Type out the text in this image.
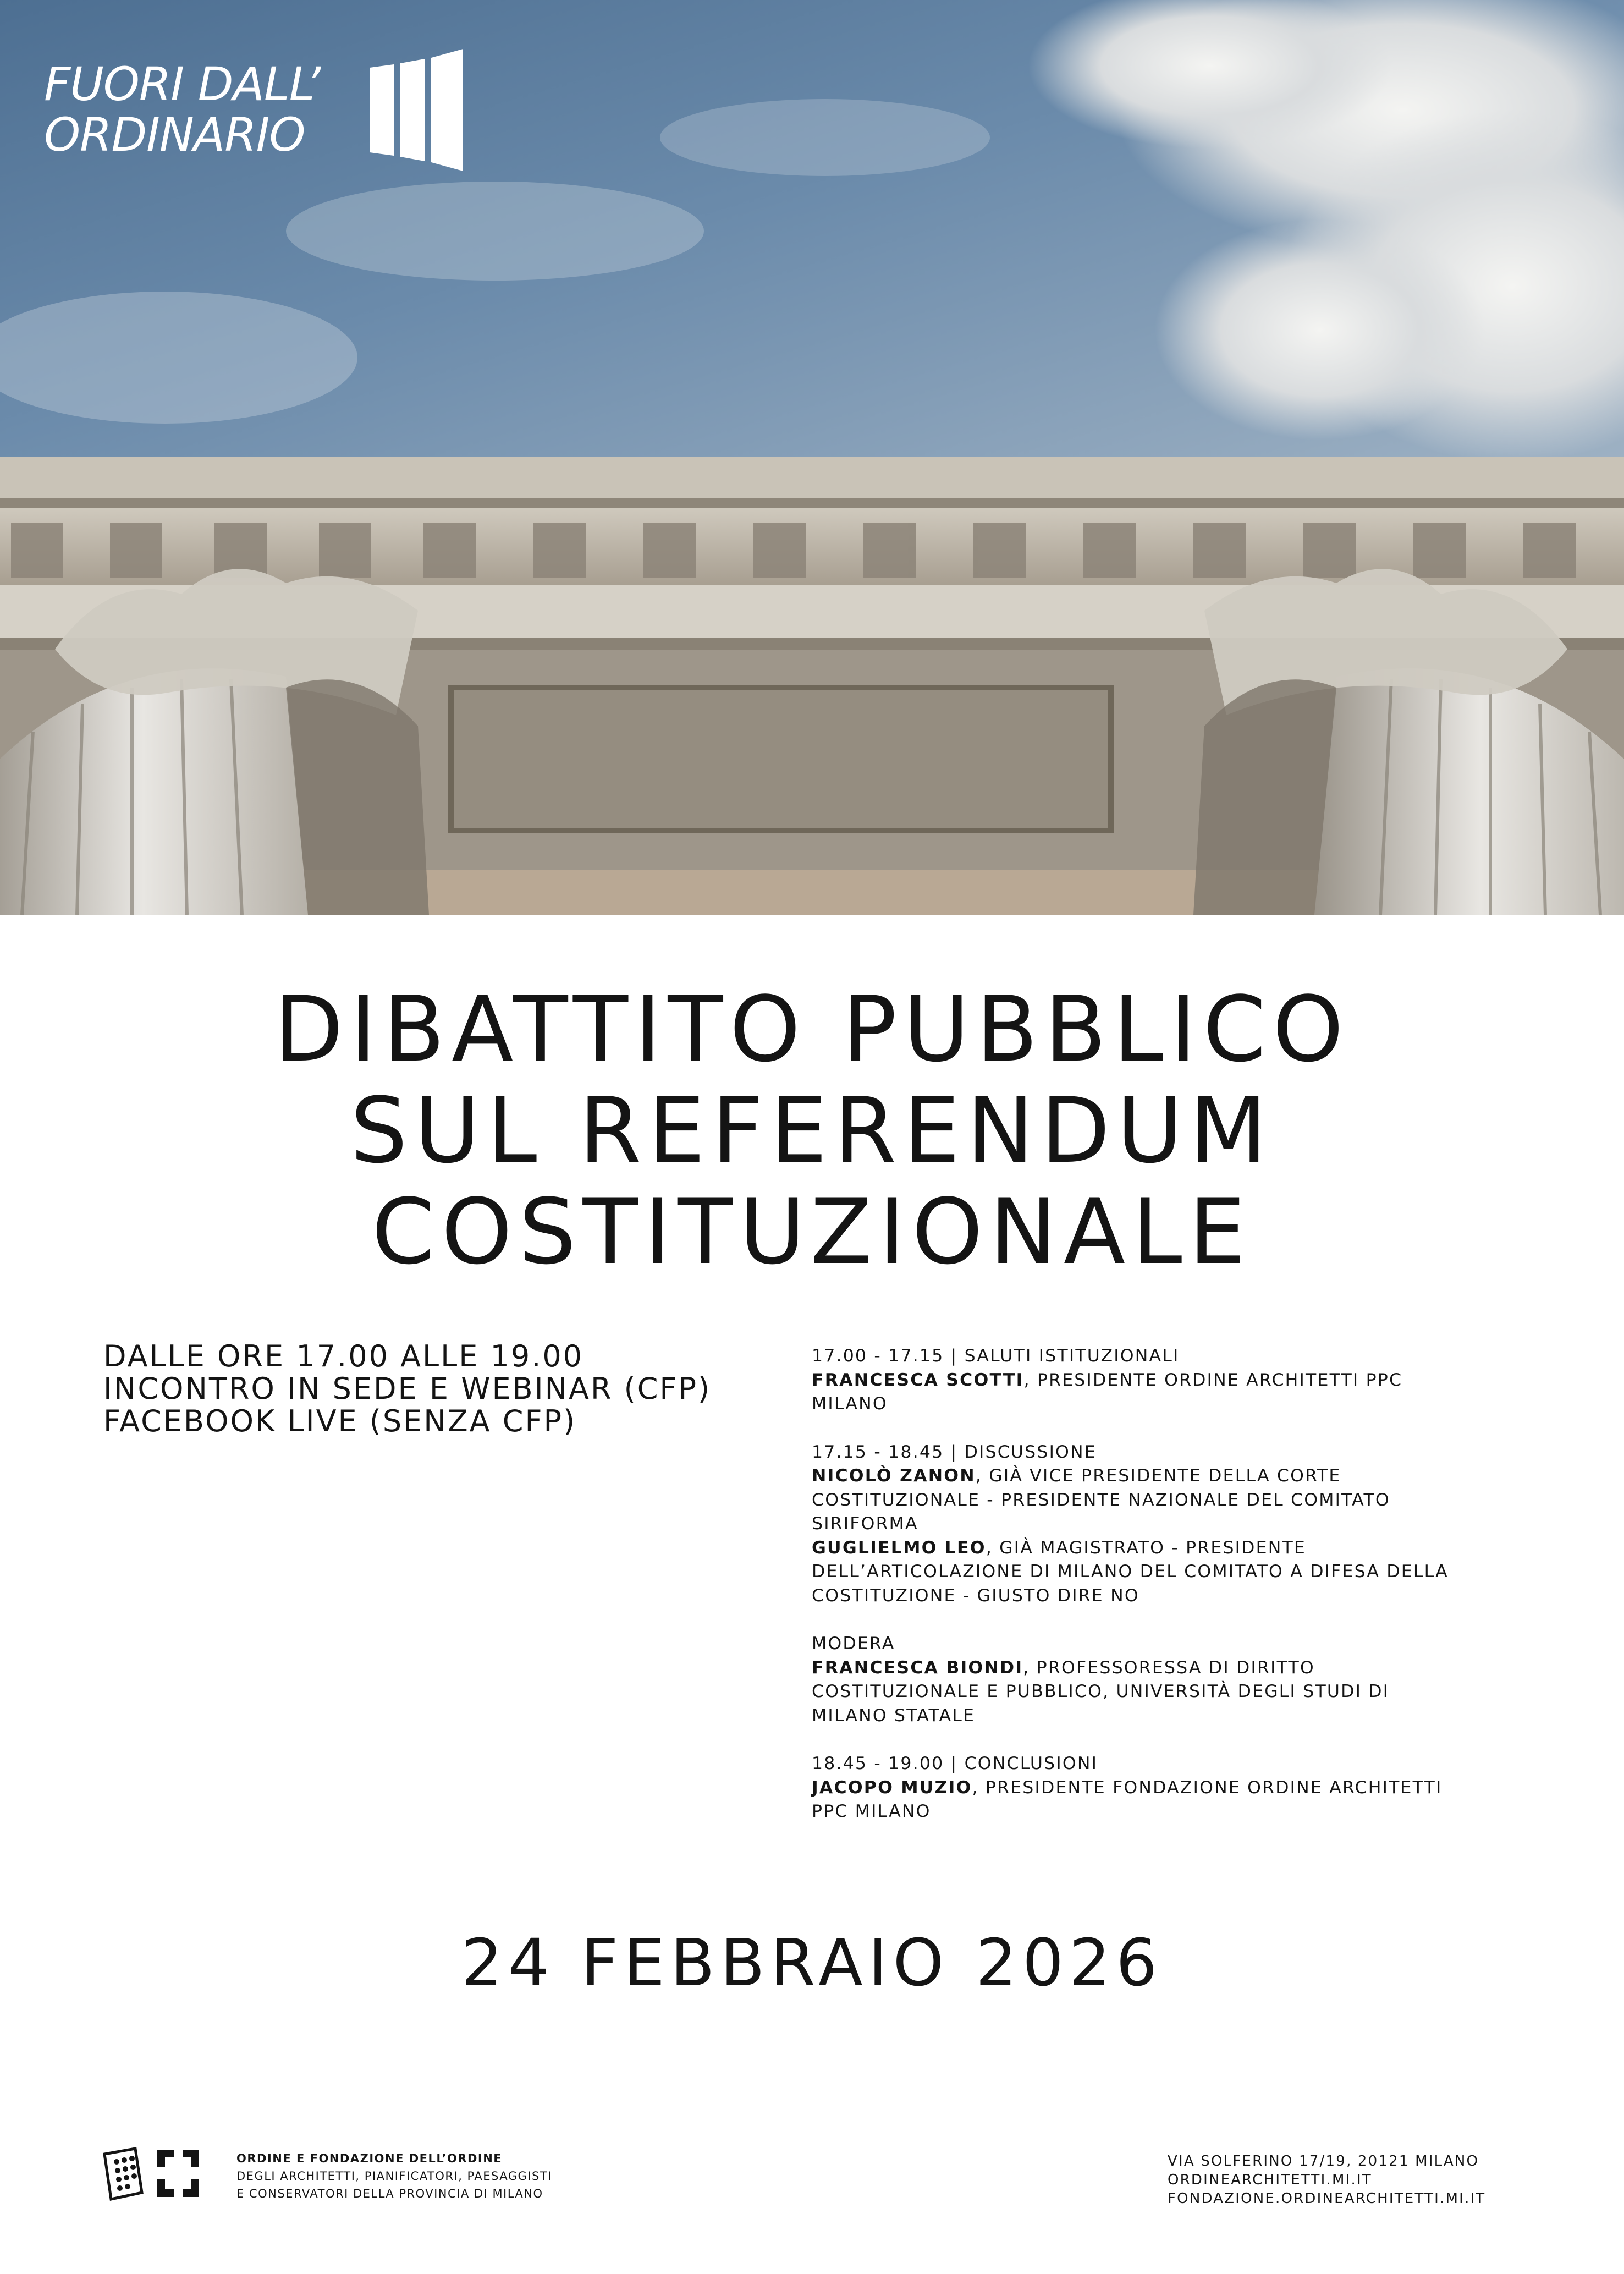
FUORI DALL’
ORDINARIO
DIBATTITO PUBBLICO
SUL REFERENDUM
COSTITUZIONALE
DALLE ORE 17.00 ALLE 19.00
INCONTRO IN SEDE E WEBINAR (CFP)
FACEBOOK LIVE (SENZA CFP)
17.00 - 17.15 | SALUTI ISTITUZIONALI
FRANCESCA SCOTTI, PRESIDENTE ORDINE ARCHITETTI PPC
MILANO
17.15 - 18.45 | DISCUSSIONE
NICOLÒ ZANON, GIÀ VICE PRESIDENTE DELLA CORTE
COSTITUZIONALE - PRESIDENTE NAZIONALE DEL COMITATO
SIRIFORMA
GUGLIELMO LEO, GIÀ MAGISTRATO - PRESIDENTE
DELL’ARTICOLAZIONE DI MILANO DEL COMITATO A DIFESA DELLA
COSTITUZIONE - GIUSTO DIRE NO
MODERA
FRANCESCA BIONDI, PROFESSORESSA DI DIRITTO
COSTITUZIONALE E PUBBLICO, UNIVERSITÀ DEGLI STUDI DI
MILANO STATALE
18.45 - 19.00 | CONCLUSIONI
JACOPO MUZIO, PRESIDENTE FONDAZIONE ORDINE ARCHITETTI
PPC MILANO
24 FEBBRAIO 2026
ORDINE E FONDAZIONE DELL’ORDINE
DEGLI ARCHITETTI, PIANIFICATORI, PAESAGGISTI
E CONSERVATORI DELLA PROVINCIA DI MILANO
VIA SOLFERINO 17/19, 20121 MILANO
ORDINEARCHITETTI.MI.IT
FONDAZIONE.ORDINEARCHITETTI.MI.IT
